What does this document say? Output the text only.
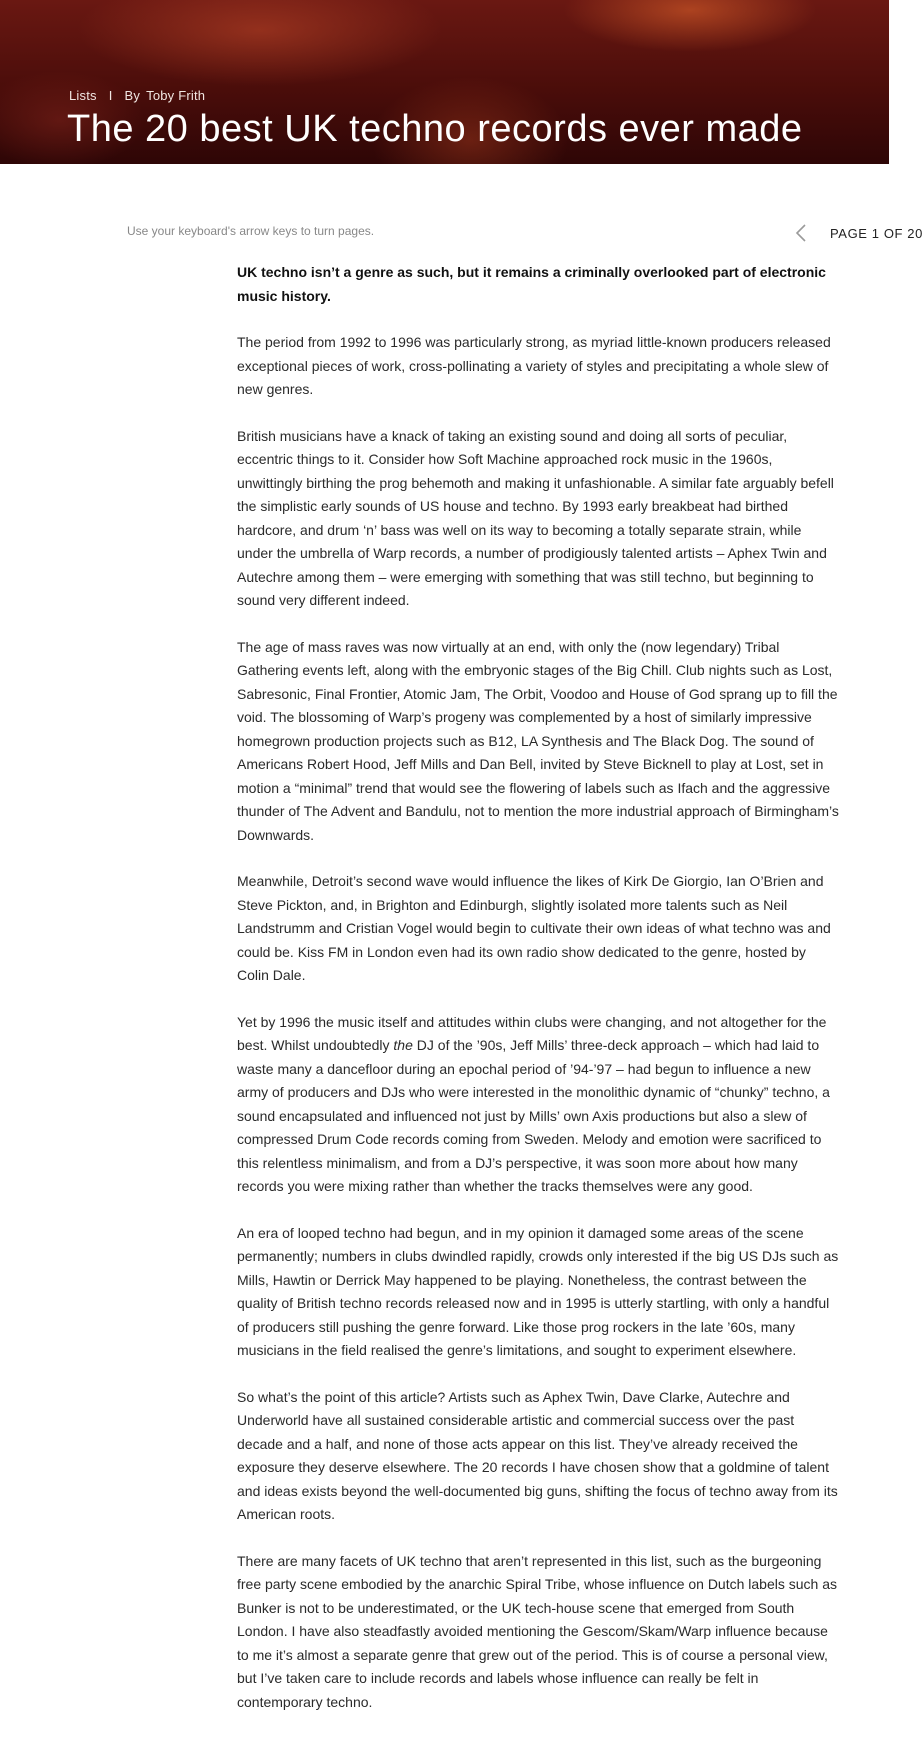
Lists I By Toby Frith
The 20 best UK techno records ever made
Use your keyboard's arrow keys to turn pages.	PAGE 1 OF 20

UK techno isn’t a genre as such, but it remains a criminally overlooked part of electronic music history.

The period from 1992 to 1996 was particularly strong, as myriad little-known producers released exceptional pieces of work, cross-pollinating a variety of styles and precipitating a whole slew of new genres.

British musicians have a knack of taking an existing sound and doing all sorts of peculiar, eccentric things to it. Consider how Soft Machine approached rock music in the 1960s, unwittingly birthing the prog behemoth and making it unfashionable. A similar fate arguably befell the simplistic early sounds of US house and techno. By 1993 early breakbeat had birthed hardcore, and drum ‘n’ bass was well on its way to becoming a totally separate strain, while under the umbrella of Warp records, a number of prodigiously talented artists – Aphex Twin and Autechre among them – were emerging with something that was still techno, but beginning to sound very different indeed.

The age of mass raves was now virtually at an end, with only the (now legendary) Tribal Gathering events left, along with the embryonic stages of the Big Chill. Club nights such as Lost, Sabresonic, Final Frontier, Atomic Jam, The Orbit, Voodoo and House of God sprang up to fill the void. The blossoming of Warp’s progeny was complemented by a host of similarly impressive homegrown production projects such as B12, LA Synthesis and The Black Dog. The sound of Americans Robert Hood, Jeff Mills and Dan Bell, invited by Steve Bicknell to play at Lost, set in motion a “minimal” trend that would see the flowering of labels such as Ifach and the aggressive thunder of The Advent and Bandulu, not to mention the more industrial approach of Birmingham’s Downwards.

Meanwhile, Detroit’s second wave would influence the likes of Kirk De Giorgio, Ian O’Brien and Steve Pickton, and, in Brighton and Edinburgh, slightly isolated more talents such as Neil Landstrumm and Cristian Vogel would begin to cultivate their own ideas of what techno was and could be. Kiss FM in London even had its own radio show dedicated to the genre, hosted by Colin Dale.

Yet by 1996 the music itself and attitudes within clubs were changing, and not altogether for the best. Whilst undoubtedly the DJ of the ’90s, Jeff Mills’ three-deck approach – which had laid to waste many a dancefloor during an epochal period of ’94-’97 – had begun to influence a new army of producers and DJs who were interested in the monolithic dynamic of “chunky” techno, a sound encapsulated and influenced not just by Mills’ own Axis productions but also a slew of compressed Drum Code records coming from Sweden. Melody and emotion were sacrificed to this relentless minimalism, and from a DJ’s perspective, it was soon more about how many records you were mixing rather than whether the tracks themselves were any good.

An era of looped techno had begun, and in my opinion it damaged some areas of the scene permanently; numbers in clubs dwindled rapidly, crowds only interested if the big US DJs such as Mills, Hawtin or Derrick May happened to be playing. Nonetheless, the contrast between the quality of British techno records released now and in 1995 is utterly startling, with only a handful of producers still pushing the genre forward. Like those prog rockers in the late ’60s, many musicians in the field realised the genre’s limitations, and sought to experiment elsewhere.

So what’s the point of this article? Artists such as Aphex Twin, Dave Clarke, Autechre and Underworld have all sustained considerable artistic and commercial success over the past decade and a half, and none of those acts appear on this list. They’ve already received the exposure they deserve elsewhere. The 20 records I have chosen show that a goldmine of talent and ideas exists beyond the well-documented big guns, shifting the focus of techno away from its American roots.

There are many facets of UK techno that aren’t represented in this list, such as the burgeoning free party scene embodied by the anarchic Spiral Tribe, whose influence on Dutch labels such as Bunker is not to be underestimated, or the UK tech-house scene that emerged from South London. I have also steadfastly avoided mentioning the Gescom/Skam/Warp influence because to me it’s almost a separate genre that grew out of the period. This is of course a personal view, but I’ve taken care to include records and labels whose influence can really be felt in contemporary techno.
